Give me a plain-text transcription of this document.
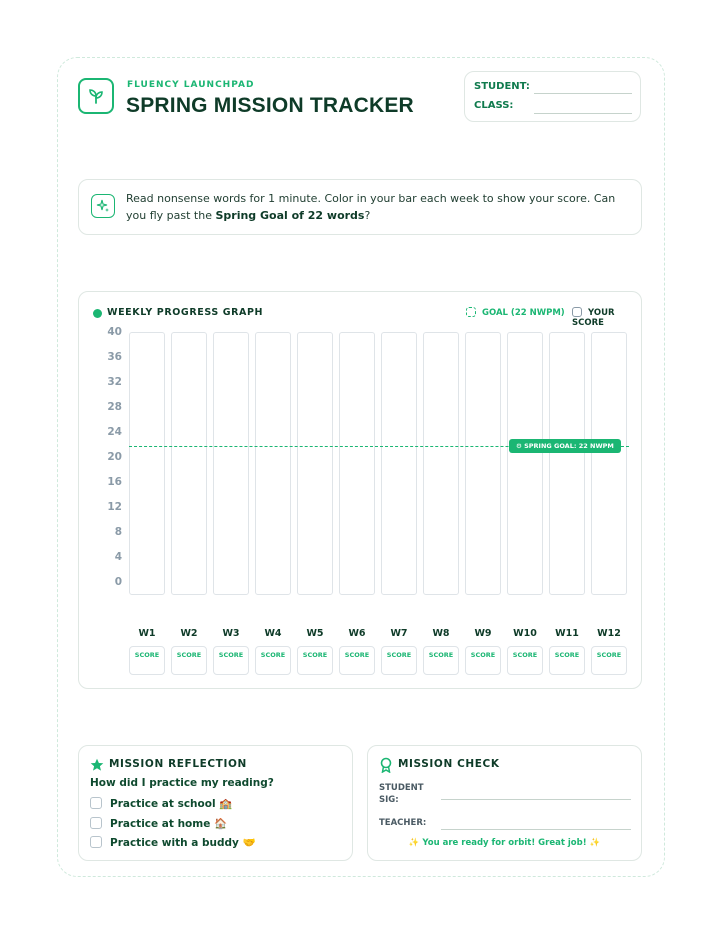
FLUENCY LAUNCHPAD
SPRING MISSION TRACKER
STUDENT:
CLASS:
Read nonsense words for 1 minute. Color in your bar each week to show your score. Can you fly past the Spring Goal of 22 words?
WEEKLY PROGRESS GRAPH	GOAL (22 NWPM)	YOUR SCORE
40
36
32
28
24
20
16
12
8
4
0
W1
SCORE
W2
SCORE
W3
SCORE
W4
SCORE
W5
SCORE
W6
SCORE
W7
SCORE
W8
SCORE
W9
SCORE
W10
SCORE
W11
SCORE
W12
SCORE
⚙ SPRING GOAL: 22 NWPM
MISSION REFLECTION
How did I practice my reading?
Practice at school 🏫
Practice at home 🏠
Practice with a buddy 🤝
MISSION CHECK
STUDENT SIG:
TEACHER:
✨ You are ready for orbit! Great job! ✨
